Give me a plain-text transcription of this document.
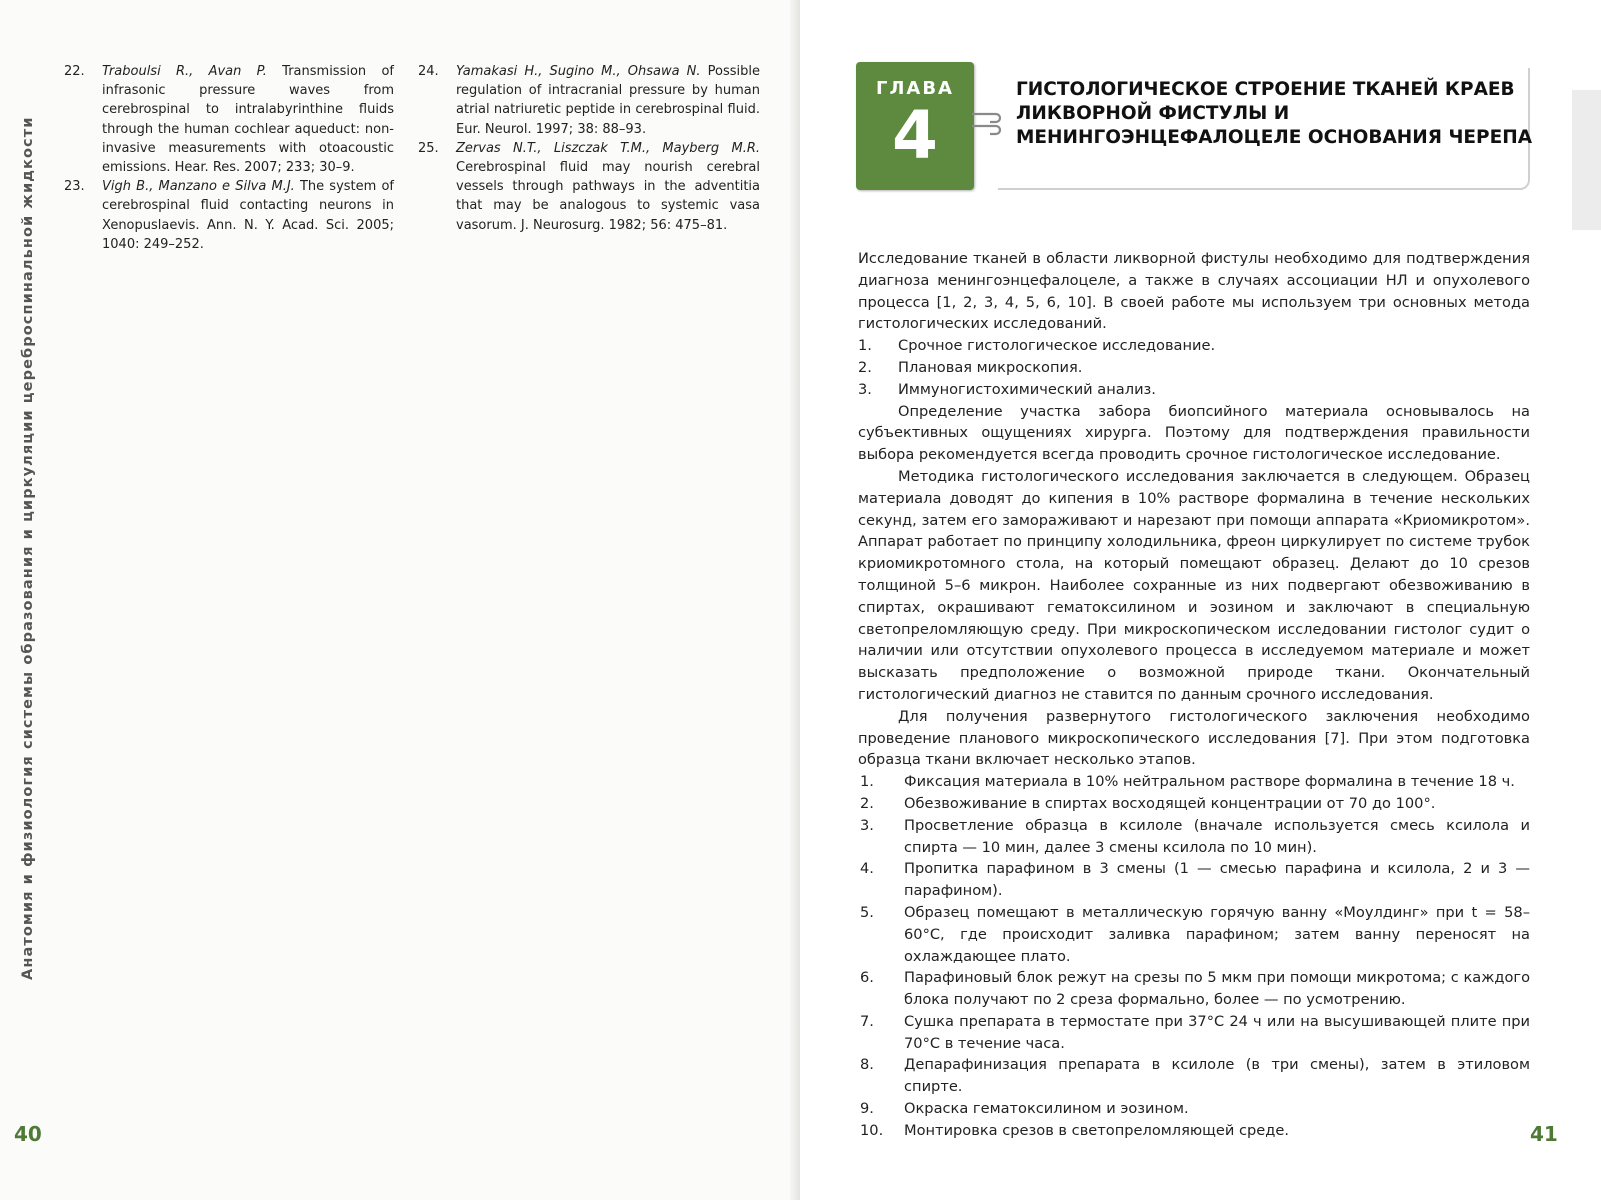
22.	Traboulsi R., Avan P. Transmission of infrasonic pressure waves from cerebrospinal to intralabyrinthine fluids through the human cochlear aqueduct: non-invasive measurements with otoacoustic emissions. Hear. Res. 2007; 233; 30–9.
23.	Vigh B., Manzano e Silva M.J. The system of cerebrospinal fluid contacting neurons in Xenopuslaevis. Ann. N. Y. Acad. Sci. 2005; 1040: 249–252.
24.	Yamakasi H., Sugino M., Ohsawa N. Possible regulation of intracranial pressure by human atrial natriuretic peptide in cerebrospinal fluid. Eur. Neurol. 1997; 38: 88–93.
25.	Zervas N.T., Liszczak T.M., Mayberg M.R. Cerebrospinal fluid may nourish cerebral vessels through pathways in the adventitia that may be analogous to systemic vasa vasorum. J. Neurosurg. 1982; 56: 475–81.
Анатомия и физиология системы образования и циркуляции цереброспинальной жидкости
40
ГЛАВА
4
ГИСТОЛОГИЧЕСКОЕ СТРОЕНИЕ ТКАНЕЙ КРАЕВ ЛИКВОРНОЙ ФИСТУЛЫ И МЕНИНГОЭНЦЕФАЛОЦЕЛЕ ОСНОВАНИЯ ЧЕРЕПА

Исследование тканей в области ликворной фистулы необходимо для подтверждения диагноза менингоэнцефалоцеле, а также в случаях ассоциации НЛ и опухолевого процесса [1, 2, 3, 4, 5, 6, 10]. В своей работе мы используем три основных метода гистологических исследований.

1.	Срочное гистологическое исследование.
2.	Плановая микроскопия.
3.	Иммуногистохимический анализ.

Определение участка забора биопсийного материала основывалось на субъективных ощущениях хирурга. Поэтому для подтверждения правильности выбора рекомендуется всегда проводить срочное гистологическое исследование.

Методика гистологического исследования заключается в следующем. Образец материала доводят до кипения в 10% растворе формалина в течение нескольких секунд, затем его замораживают и нарезают при помощи аппарата «Криомикротом». Аппарат работает по принципу холодильника, фреон циркулирует по системе трубок криомикротомного стола, на который помещают образец. Делают до 10 срезов толщиной 5–6 микрон. Наиболее сохранные из них подвергают обезвоживанию в спиртах, окрашивают гематоксилином и эозином и заключают в специальную светопреломляющую среду. При микроскопическом исследовании гистолог судит о наличии или отсутствии опухолевого процесса в исследуемом материале и может высказать предположение о возможной природе ткани. Окончательный гистологический диагноз не ставится по данным срочного исследования.

Для получения развернутого гистологического заключения необходимо проведение планового микроскопического исследования [7]. При этом подготовка образца ткани включает несколько этапов.

1.	Фиксация материала в 10% нейтральном растворе формалина в течение 18 ч.
2.	Обезвоживание в спиртах восходящей концентрации от 70 до 100°.
3.	Просветление образца в ксилоле (вначале используется смесь ксилола и спирта — 10 мин, далее 3 смены ксилола по 10 мин).
4.	Пропитка парафином в 3 смены (1 — смесью парафина и ксилола, 2 и 3 — парафином).
5.	Образец помещают в металлическую горячую ванну «Моулдинг» при t = 58–60°C, где происходит заливка парафином; затем ванну переносят на охлаждающее плато.
6.	Парафиновый блок режут на срезы по 5 мкм при помощи микротома; с каждого блока получают по 2 среза формально, более — по усмотрению.
7.	Сушка препарата в термостате при 37°C 24 ч или на высушивающей плите при 70°C в течение часа.
8.	Депарафинизация препарата в ксилоле (в три смены), затем в этиловом спирте.
9.	Окраска гематоксилином и эозином.
10.	Монтировка срезов в светопреломляющей среде.	41
